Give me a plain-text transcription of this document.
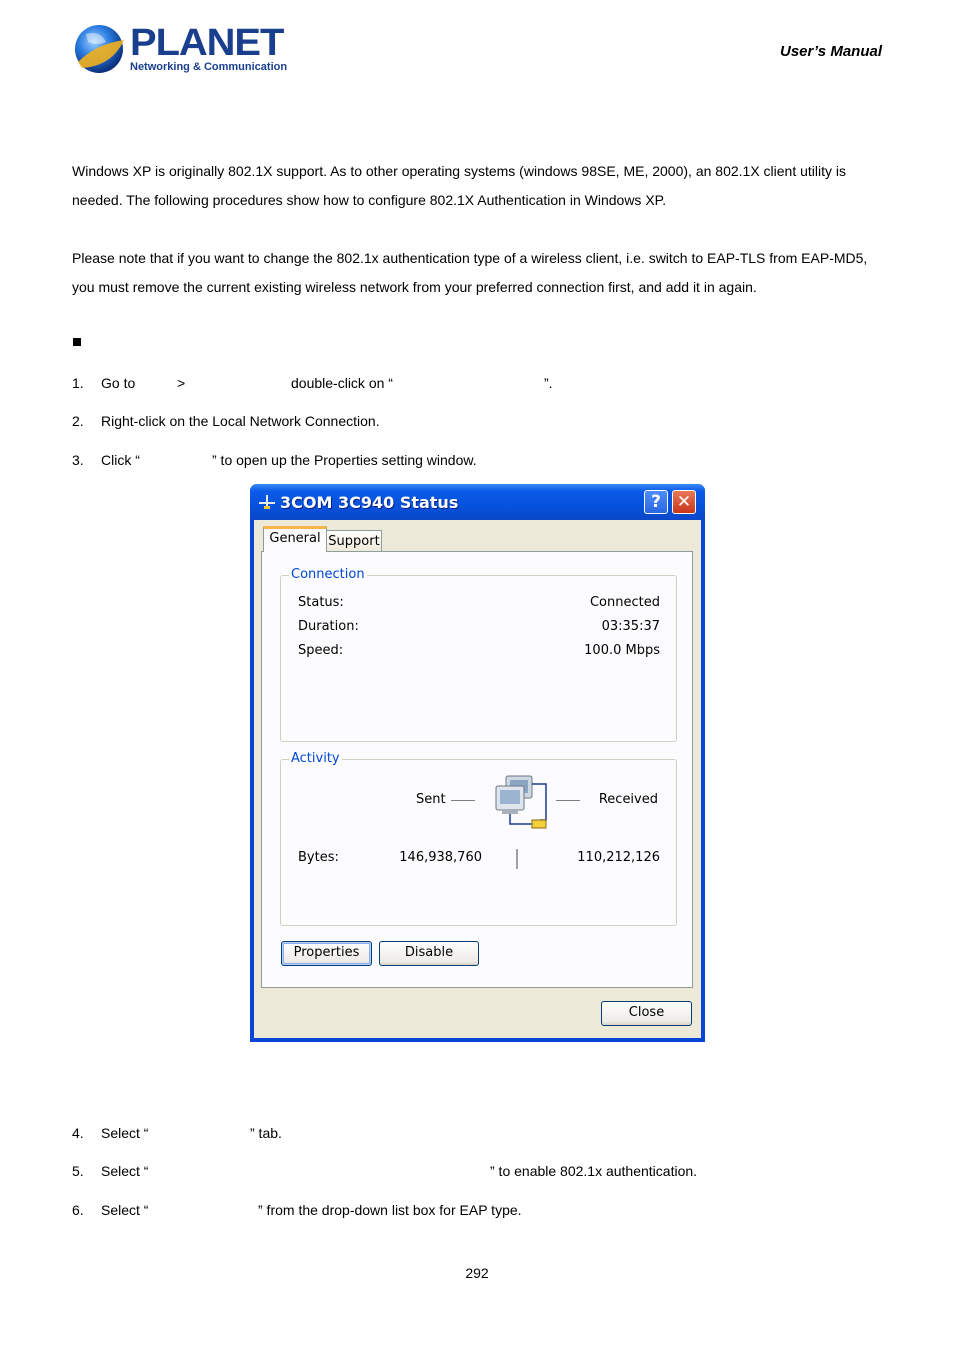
PLANET
Networking & Communication
User’s Manual
Windows XP is originally 802.1X support. As to other operating systems (windows 98SE, ME, 2000), an 802.1X client utility is
needed. The following procedures show how to configure 802.1X Authentication in Windows XP.
Please note that if you want to change the 802.1x authentication type of a wireless client, i.e. switch to EAP-TLS from EAP-MD5,
you must remove the current existing wireless network from your preferred connection first, and add it in again.
1.	Go to	>	double-click on “	”.
2.	Right-click on the Local Network Connection.
3.	Click “	” to open up the Properties setting window.
3COM 3C940 Status	? ✕
General Support
Connection
Status:	Connected
Duration:	03:35:37
Speed:	100.0 Mbps
Activity
Sent	Received
Bytes:	146,938,760	110,212,126
Properties	Disable
Close
4.	Select “	” tab.
5.	Select “	” to enable 802.1x authentication.
6.	Select “	” from the drop-down list box for EAP type.
292
